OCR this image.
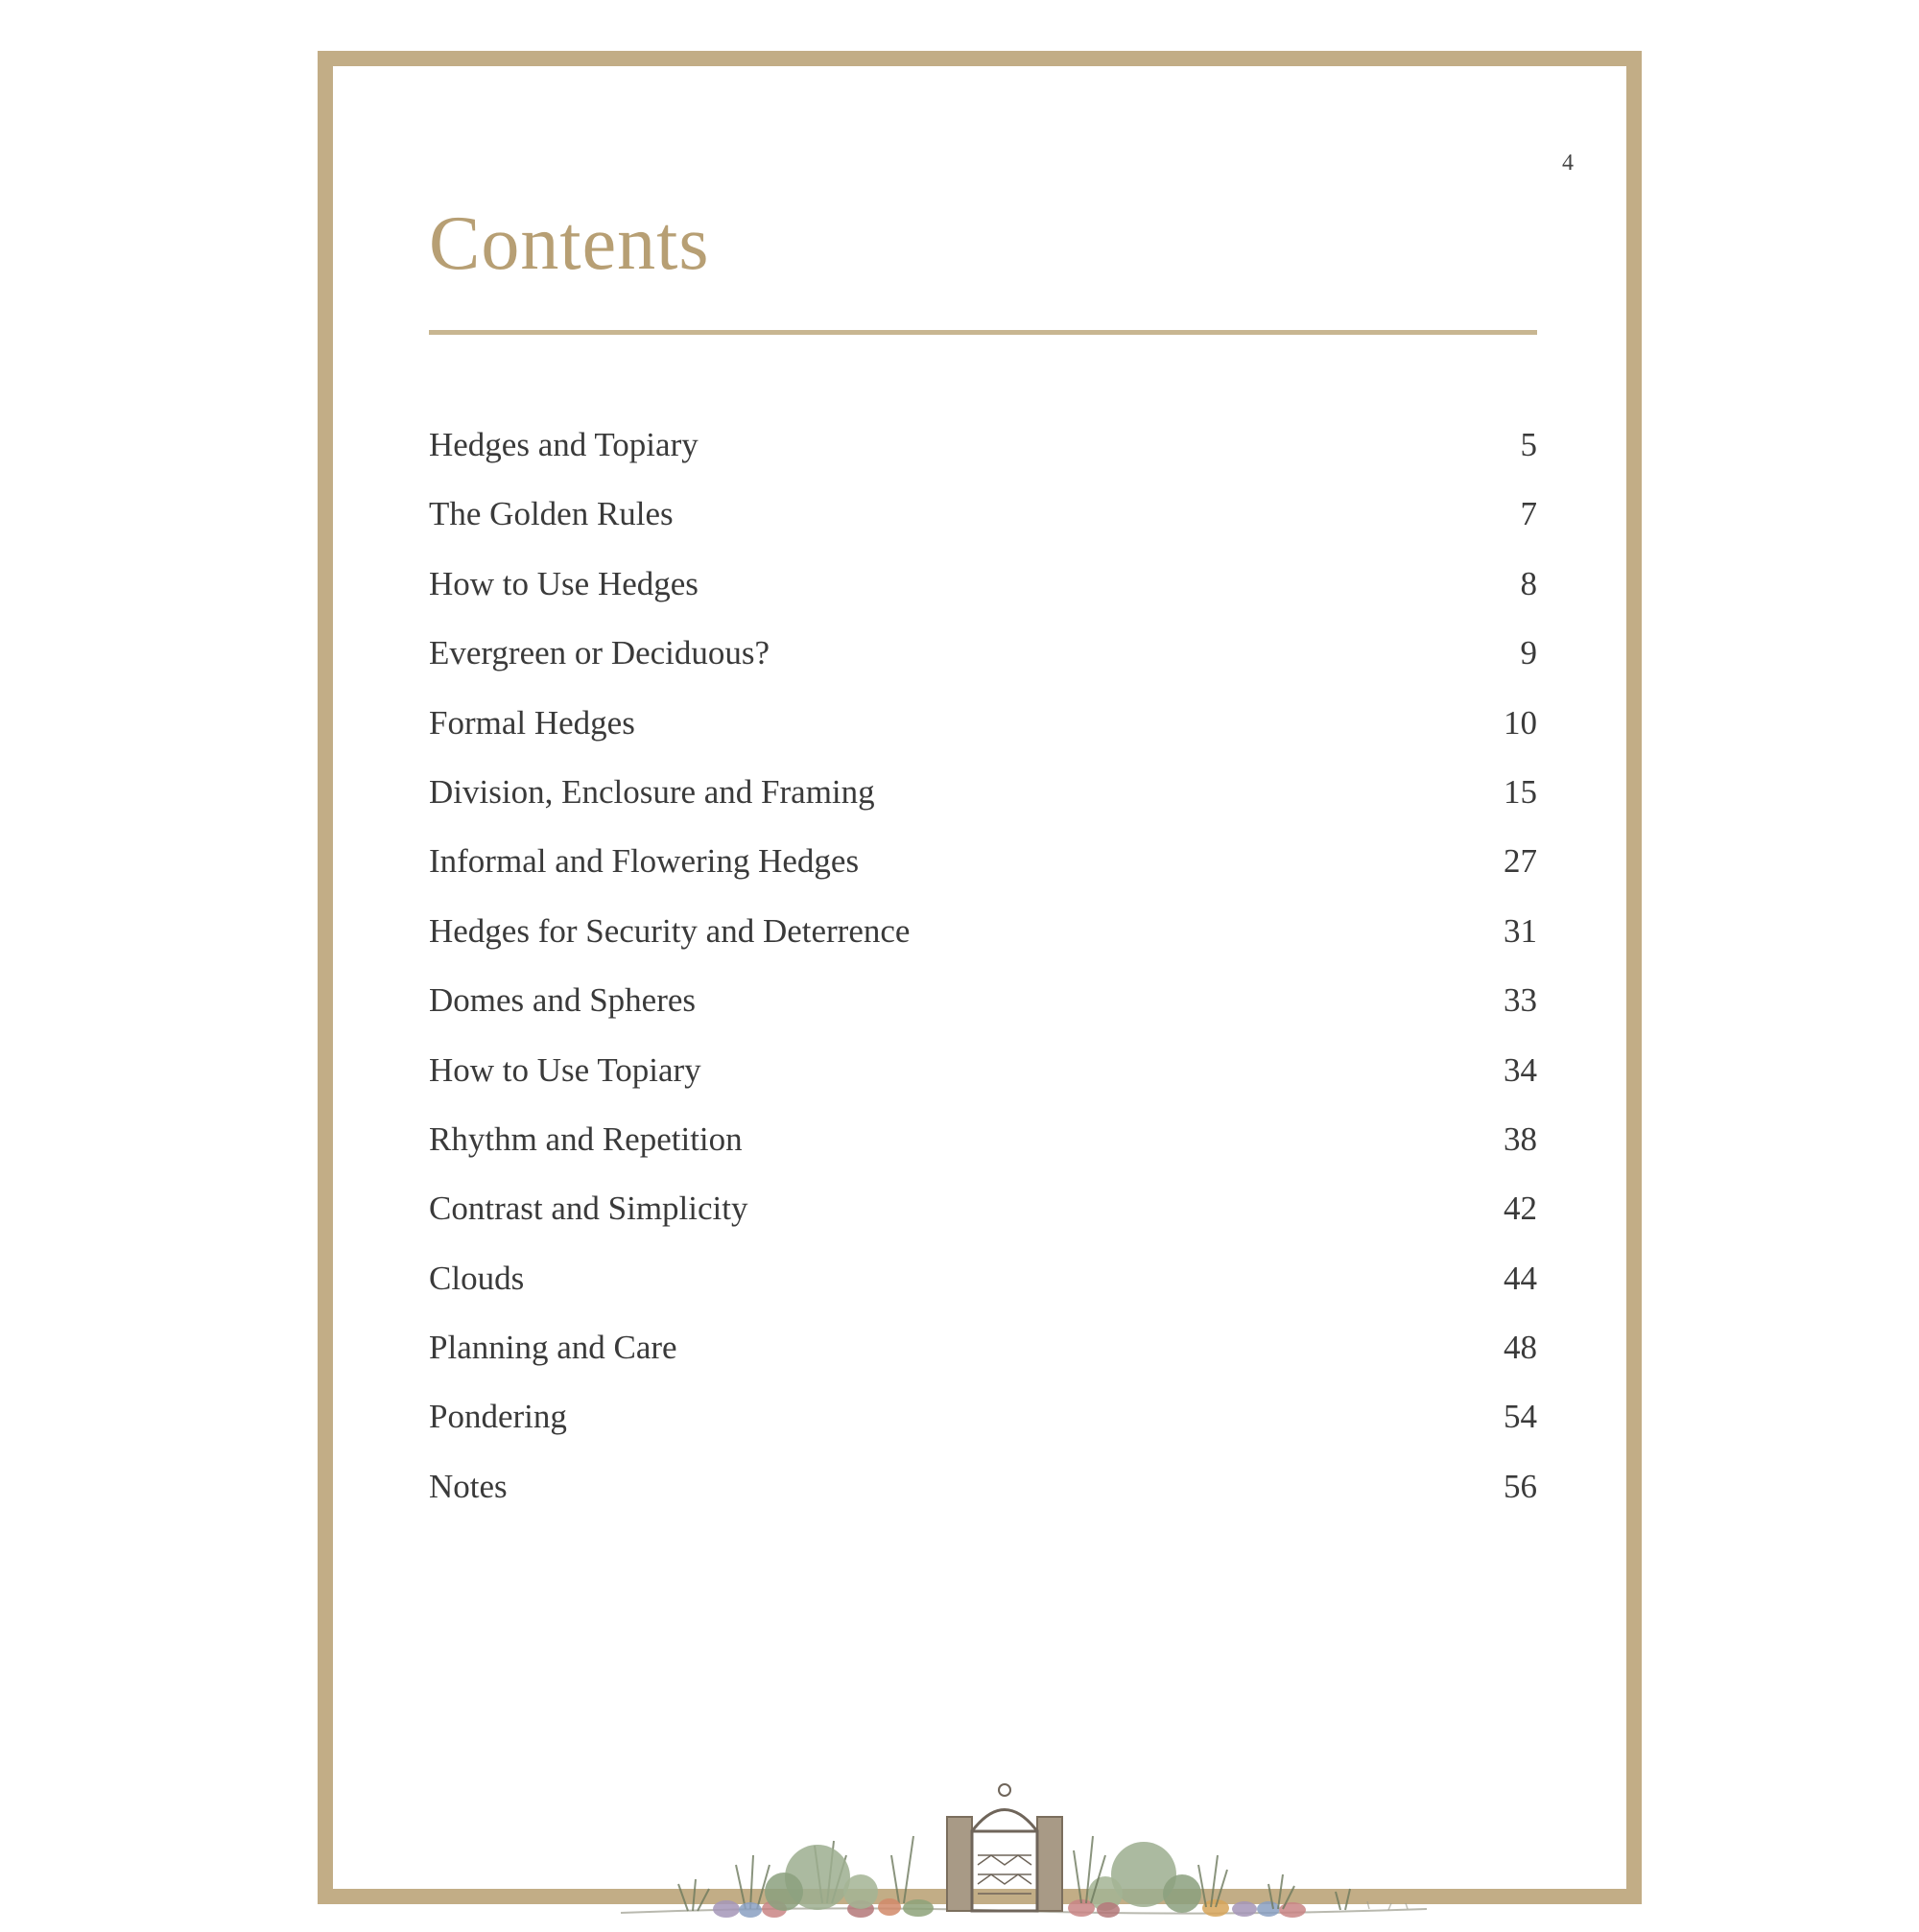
4
Contents
Hedges and Topiary	5
The Golden Rules	7
How to Use Hedges	8
Evergreen or Deciduous?	9
Formal Hedges	10
Division, Enclosure and Framing	15
Informal and Flowering Hedges	27
Hedges for Security and Deterrence	31
Domes and Spheres	33
How to Use Topiary	34
Rhythm and Repetition	38
Contrast and Simplicity	42
Clouds	44
Planning and Care	48
Pondering	54
Notes	56
